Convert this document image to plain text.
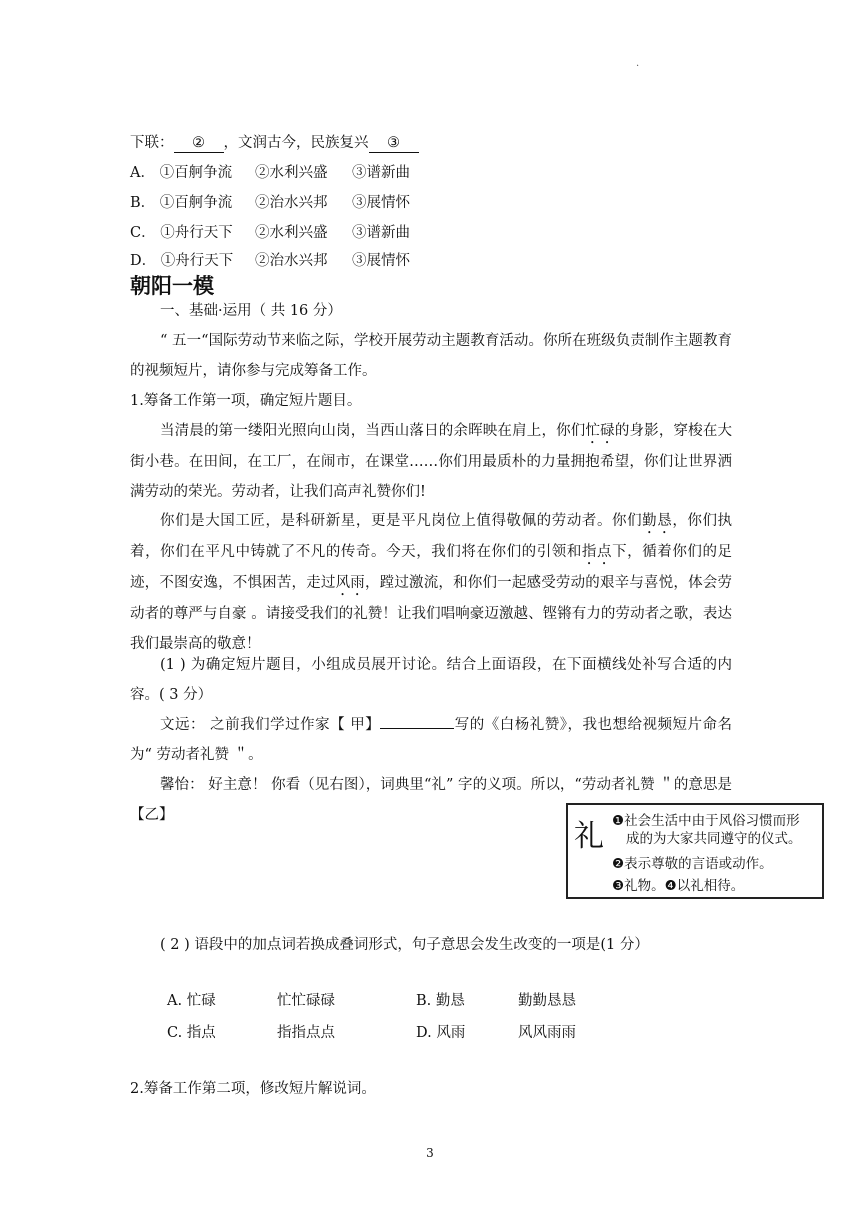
.
下联： ② ，文润古今，民族复兴 ③
A． ①百舸争流 ②水利兴盛 ③谱新曲
B． ①百舸争流 ②治水兴邦 ③展情怀
C． ①舟行天下 ②水利兴盛 ③谱新曲
D． ①舟行天下 ②治水兴邦 ③展情怀
朝阳一模
一、基础·运用（ 共 16 分）
“ 五一“国际劳动节来临之际，学校开展劳动主题教育活动。你所在班级负责制作主题教育的视频短片，请你参与完成筹备工作。
1.筹备工作第一项，确定短片题目。
当清晨的第一缕阳光照向山岗，当西山落日的余晖映在肩上，你们忙碌的身影，穿梭在大街小巷。在田间，在工厂，在闹市，在课堂……你们用最质朴的力量拥抱希望，你们让世界洒满劳动的荣光。劳动者，让我们高声礼赞你们!
你们是大国工匠，是科研新星，更是平凡岗位上值得敬佩的劳动者。你们勤恳，你们执着，你们在平凡中铸就了不凡的传奇。今天，我们将在你们的引领和指点下，循着你们的足迹，不图安逸，不惧困苦，走过风雨，蹚过激流，和你们一起感受劳动的艰辛与喜悦，体会劳动者的尊严与自豪 。请接受我们的礼赞！让我们唱响豪迈激越、铿锵有力的劳动者之歌，表达我们最崇高的敬意！
(1 ) 为确定短片题目，小组成员展开讨论。结合上面语段，在下面横线处补写合适的内容。( 3 分）
文远： 之前我们学过作家【 甲】	写的《白杨礼赞》，我也想给视频短片命名为“ 劳动者礼赞 ＂。
馨怡： 好主意！ 你看（见右图），词典里“礼” 字的义项。所以，“劳动者礼赞 ＂的意思是【乙】
礼 ❶社会生活中由于风俗习惯而形
成的为大家共同遵守的仪式。
❷表示尊敬的言语或动作。
❸礼物。❹以礼相待。
( 2 ) 语段中的加点词若换成叠词形式，句子意思会发生改变的一项是(1 分）
A. 忙碌	忙忙碌碌	B. 勤恳	勤勤恳恳
C. 指点	指指点点	D. 风雨	风风雨雨
2.筹备工作第二项，修改短片解说词。
3
